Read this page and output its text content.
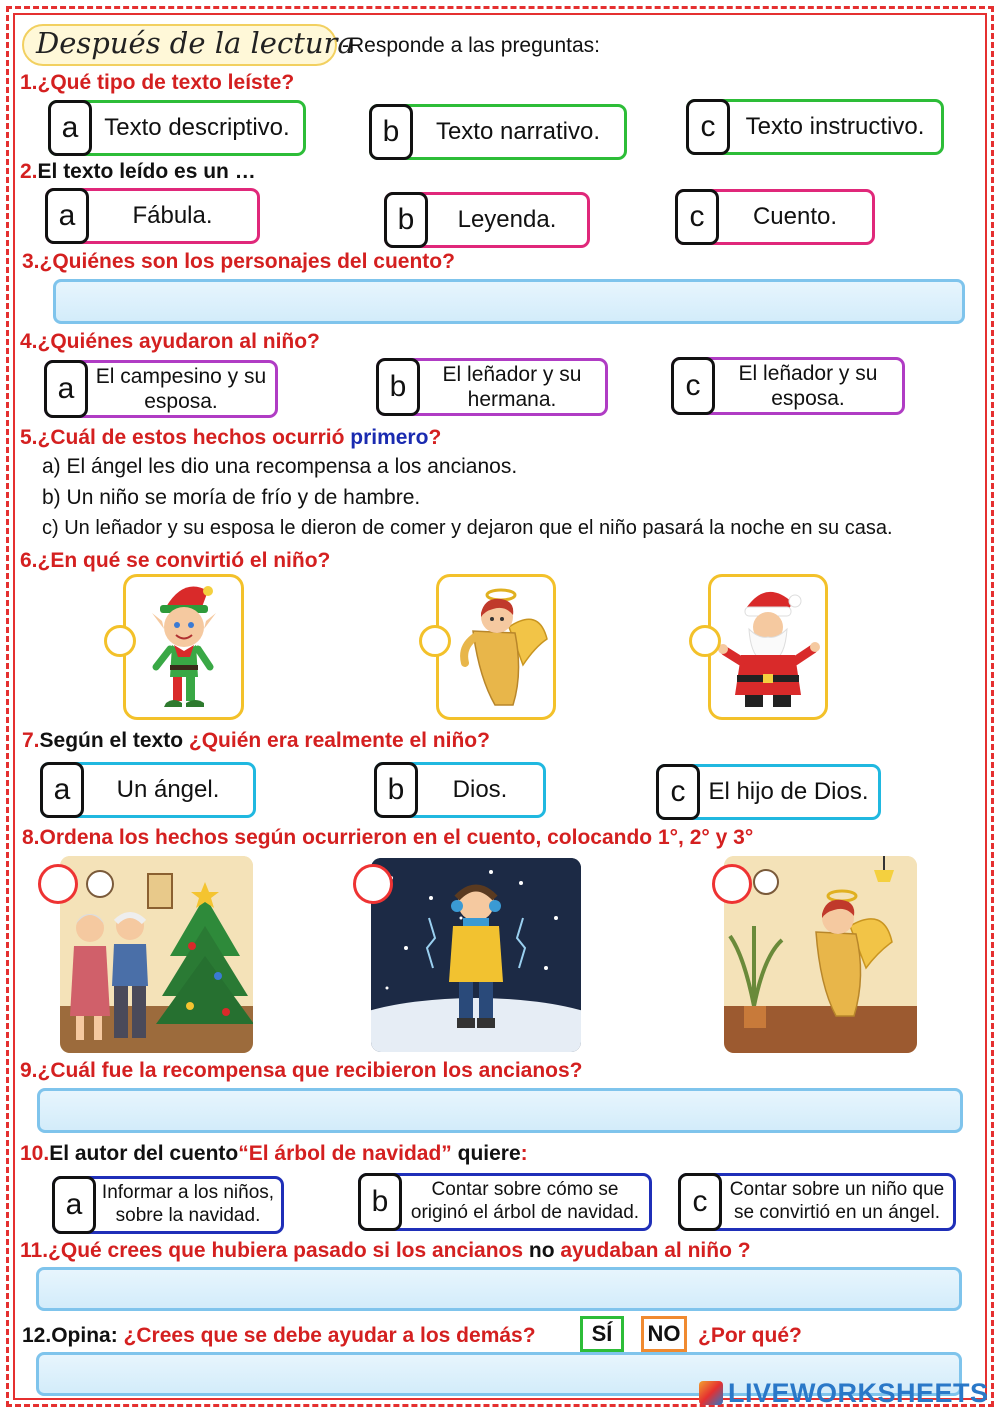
Después de la lectura
-Responde a las preguntas:
1.¿Qué tipo de texto leíste?
a	Texto descriptivo.	b	Texto narrativo.	c	Texto instructivo.
2.El texto leído es un …
a	Fábula.	b	Leyenda.	c	Cuento.
3.¿Quiénes son los personajes del cuento?
4.¿Quiénes ayudaron al niño?
a	El campesino y su esposa.	b	El leñador y su hermana.	c	El leñador y su esposa.
5.¿Cuál de estos hechos ocurrió primero?
a) El ángel les dio una recompensa a los ancianos.
b) Un niño se moría de frío y de hambre.
c) Un leñador y su esposa le dieron de comer y dejaron que el niño pasará la noche en su casa.
6.¿En qué se convirtió el niño?
7.Según el texto ¿Quién era realmente el niño?
a	Un ángel.	b	Dios.	c El hijo de Dios.
8.Ordena los hechos según ocurrieron en el cuento, colocando 1°, 2° y 3°
9.¿Cuál fue la recompensa que recibieron los ancianos?
10.El autor del cuento“El árbol de navidad” quiere:
a	Informar a los niños, sobre la navidad.	b	Contar sobre cómo se originó el árbol de navidad.	c	Contar sobre un niño que se convirtió en un ángel.
11.¿Qué crees que hubiera pasado si los ancianos no ayudaban al niño ?
12.Opina: ¿Crees que se debe ayudar a los demás?	SÍ	NO ¿Por qué?
LIVEWORKSHEETS
